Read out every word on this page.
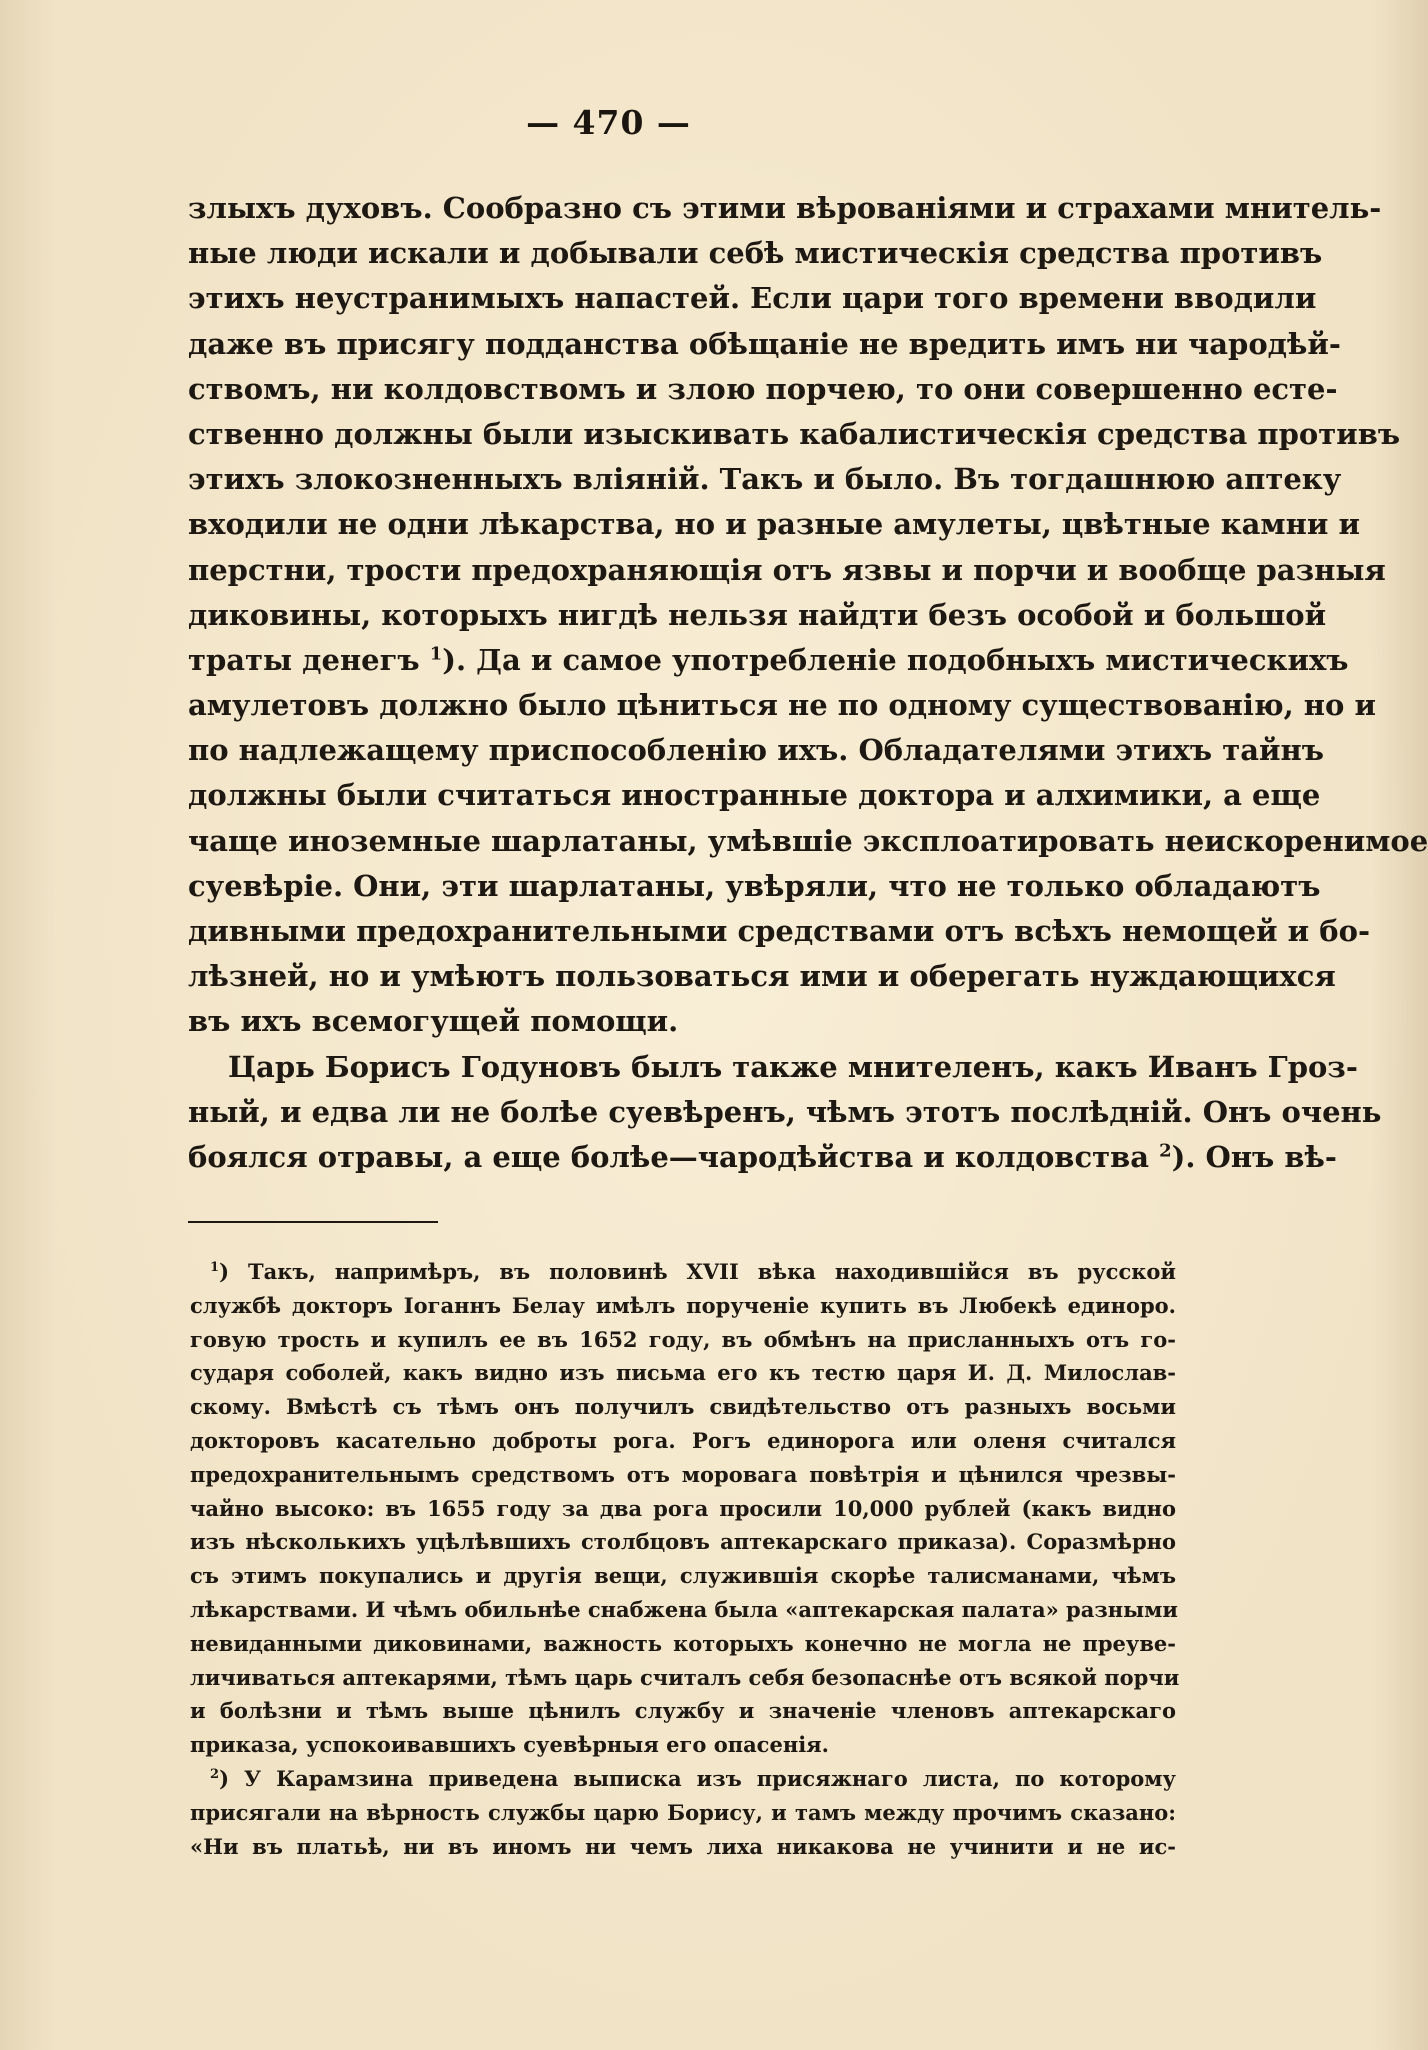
— 470 —
злыхъ духовъ. Сообразно съ этими вѣрованіями и страхами мнитель-
ные люди искали и добывали себѣ мистическія средства противъ
этихъ неустранимыхъ напастей. Если цари того времени вводили
даже въ присягу подданства обѣщаніе не вредить имъ ни чародѣй-
ствомъ, ни колдовствомъ и злою порчею, то они совершенно есте-
ственно должны были изыскивать кабалистическія средства противъ
этихъ злокозненныхъ вліяній. Такъ и было. Въ тогдашнюю аптеку
входили не одни лѣкарства, но и разные амулеты, цвѣтные камни и
перстни, трости предохраняющія отъ язвы и порчи и вообще разныя
диковины, которыхъ нигдѣ нельзя найдти безъ особой и большой
траты денегъ $^1$). Да и самое употребленіе подобныхъ мистическихъ
амулетовъ должно было цѣниться не по одному существованію, но и
по надлежащему приспособленію ихъ. Обладателями этихъ тайнъ
должны были считаться иностранные доктора и алхимики, а еще
чаще иноземные шарлатаны, умѣвшіе эксплоатировать неискоренимое
суевѣріе. Они, эти шарлатаны, увѣряли, что не только обладаютъ
дивными предохранительными средствами отъ всѣхъ немощей и бо-
лѣзней, но и умѣютъ пользоваться ими и оберегать нуждающихся
въ ихъ всемогущей помощи.
Царь Борисъ Годуновъ былъ также мнителенъ, какъ Иванъ Гроз-
ный, и едва ли не болѣе суевѣренъ, чѣмъ этотъ послѣдній. Онъ очень
боялся отравы, а еще болѣе—чародѣйства и колдовства $^2$). Онъ вѣ-
$^1$) Такъ, напримѣръ, въ половинѣ XVII вѣка находившійся въ русской
службѣ докторъ Іоганнъ Белау имѣлъ порученіе купить въ Любекѣ единоро.
говую трость и купилъ ее въ 1652 году, въ обмѣнъ на присланныхъ отъ го-
сударя соболей, какъ видно изъ письма его къ тестю царя И. Д. Милослав-
скому. Вмѣстѣ съ тѣмъ онъ получилъ свидѣтельство отъ разныхъ восьми
докторовъ касательно доброты рога. Рогъ единорога или оленя считался
предохранительнымъ средствомъ отъ моровага повѣтрія и цѣнился чрезвы-
чайно высоко: въ 1655 году за два рога просили 10,000 рублей (какъ видно
изъ нѣсколькихъ уцѣлѣвшихъ столбцовъ аптекарскаго приказа). Соразмѣрно
съ этимъ покупались и другія вещи, служившія скорѣе талисманами, чѣмъ
лѣкарствами. И чѣмъ обильнѣе снабжена была «аптекарская палата» разными
невиданными диковинами, важность которыхъ конечно не могла не преуве-
личиваться аптекарями, тѣмъ царь считалъ себя безопаснѣе отъ всякой порчи
и болѣзни и тѣмъ выше цѣнилъ службу и значеніе членовъ аптекарскаго
приказа, успокоивавшихъ суевѣрныя его опасенія.
$^2$) У Карамзина приведена выписка изъ присяжнаго листа, по которому
присягали на вѣрность службы царю Борису, и тамъ между прочимъ сказано:
«Ни въ платьѣ, ни въ иномъ ни чемъ лиха никакова не учинити и не ис-
